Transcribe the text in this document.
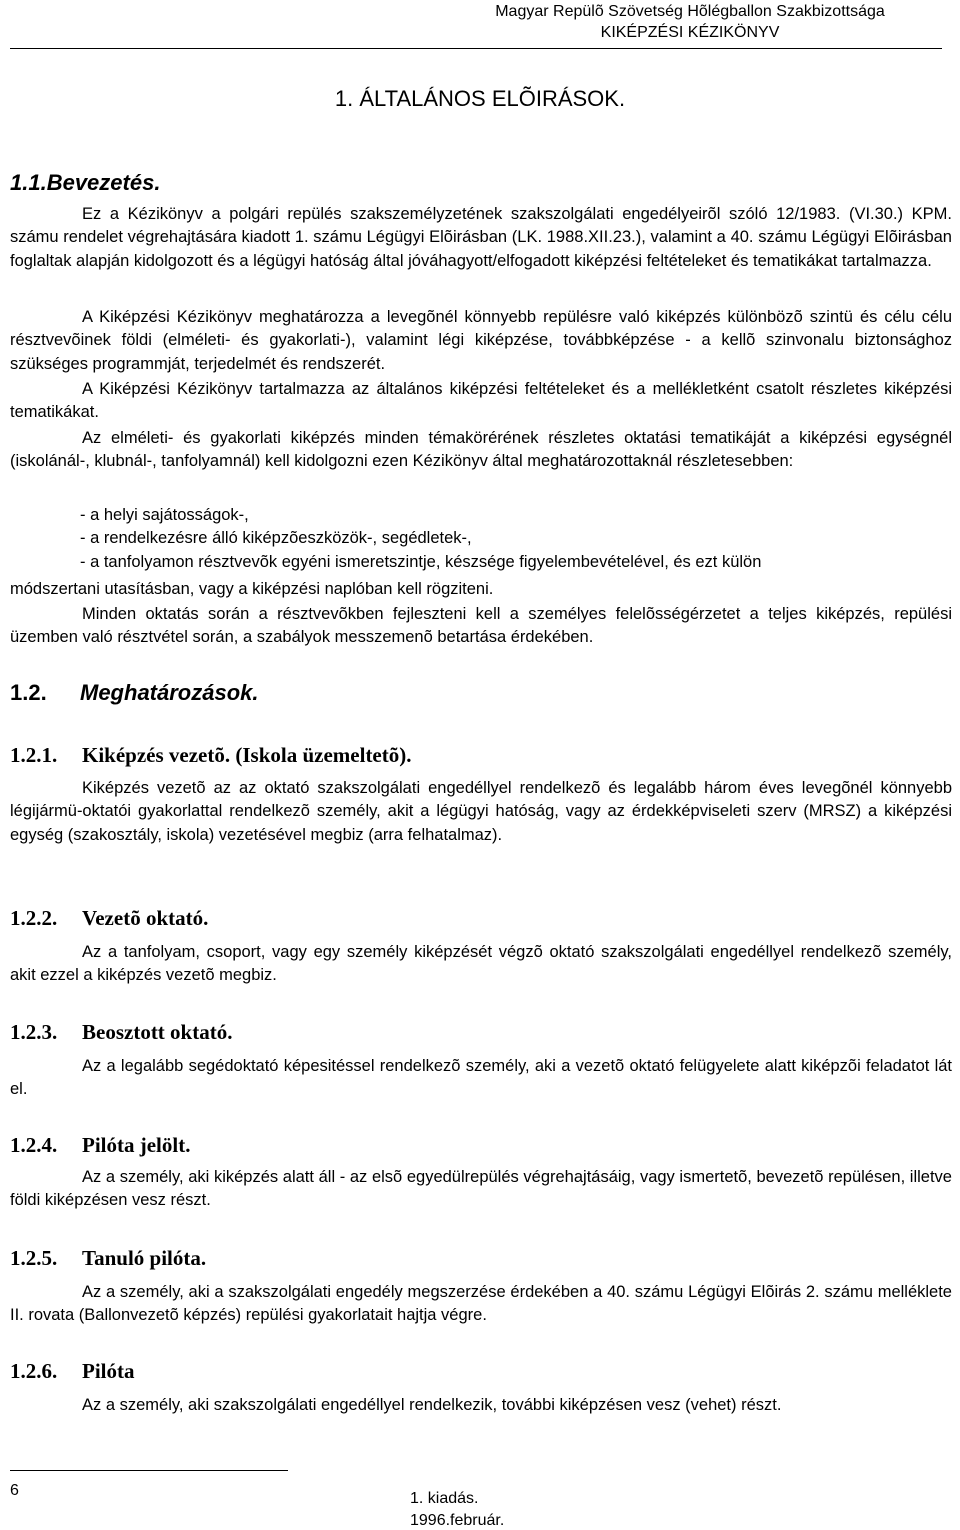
Magyar Repülõ Szövetség Hõlégballon Szakbizottsága
KIKÉPZÉSI KÉZIKÖNYV
1. ÁLTALÁNOS ELÕIRÁSOK.
1.1.Bevezetés.

Ez a Kézikönyv a polgári repülés szakszemélyzetének szakszolgálati engedélyeirõl szóló 12/1983. (VI.30.) KPM. számu rendelet végrehajtására kiadott 1. számu Légügyi Elõirásban (LK. 1988.XII.23.), valamint a 40. számu Légügyi Elõirásban foglaltak alapján kidolgozott és a légügyi hatóság által jóváhagyott/elfogadott kiképzési feltételeket és tematikákat tartalmazza.

A Kiképzési Kézikönyv meghatározza a levegõnél könnyebb repülésre való kiképzés különbözõ szintü és célu célu résztvevõinek földi (elméleti- és gyakorlati-), valamint légi kiképzése, továbbképzése - a kellõ szinvonalu biztonsághoz szükséges programmját, terjedelmét és rendszerét.

A Kiképzési Kézikönyv tartalmazza az általános kiképzési feltételeket és a mellékletként csatolt részletes kiképzési tematikákat.

Az elméleti- és gyakorlati kiképzés minden témakörérének részletes oktatási tematikáját a kiképzési egységnél (iskolánál-, klubnál-, tanfolyamnál) kell kidolgozni ezen Kézikönyv által meghatározottaknál részletesebben:

- a helyi sajátosságok-,
- a rendelkezésre álló kiképzõeszközök-, segédletek-,
- a tanfolyamon résztvevõk egyéni ismeretszintje, készsége figyelembevételével, és ezt külön

módszertani utasításban, vagy a kiképzési naplóban kell rögziteni.

Minden oktatás során a résztvevõkben fejleszteni kell a személyes felelõsségérzetet a teljes kiképzés, repülési üzemben való résztvétel során, a szabályok messzemenõ betartása érdekében.

1.2. Meghatározások.
1.2.1. Kiképzés vezetõ. (Iskola üzemeltetõ).

Kiképzés vezetõ az az oktató szakszolgálati engedéllyel rendelkezõ és legalább három éves levegõnél könnyebb légijármü-oktatói gyakorlattal rendelkezõ személy, akit a légügyi hatóság, vagy az érdekképviseleti szerv (MRSZ) a kiképzési egység (szakosztály, iskola) vezetésével megbiz (arra felhatalmaz).

1.2.2. Vezetõ oktató.

Az a tanfolyam, csoport, vagy egy személy kiképzését végzõ oktató szakszolgálati engedéllyel rendelkezõ személy, akit ezzel a kiképzés vezetõ megbiz.

1.2.3. Beosztott oktató.

Az a legalább segédoktató képesitéssel rendelkezõ személy, aki a vezetõ oktató felügyelete alatt kiképzõi feladatot lát el.

1.2.4. Pilóta jelölt.

Az a személy, aki kiképzés alatt áll - az elsõ egyedülrepülés végrehajtásáig, vagy ismertetõ, bevezetõ repülésen, illetve földi kiképzésen vesz részt.

1.2.5. Tanuló pilóta.

Az a személy, aki a szakszolgálati engedély megszerzése érdekében a 40. számu Légügyi Elõirás 2. számu melléklete II. rovata (Ballonvezetõ képzés) repülési gyakorlatait hajtja végre.

1.2.6. Pilóta

Az a személy, aki szakszolgálati engedéllyel rendelkezik, további kiképzésen vesz (vehet) részt.

6	1. kiadás.
1996.február.
